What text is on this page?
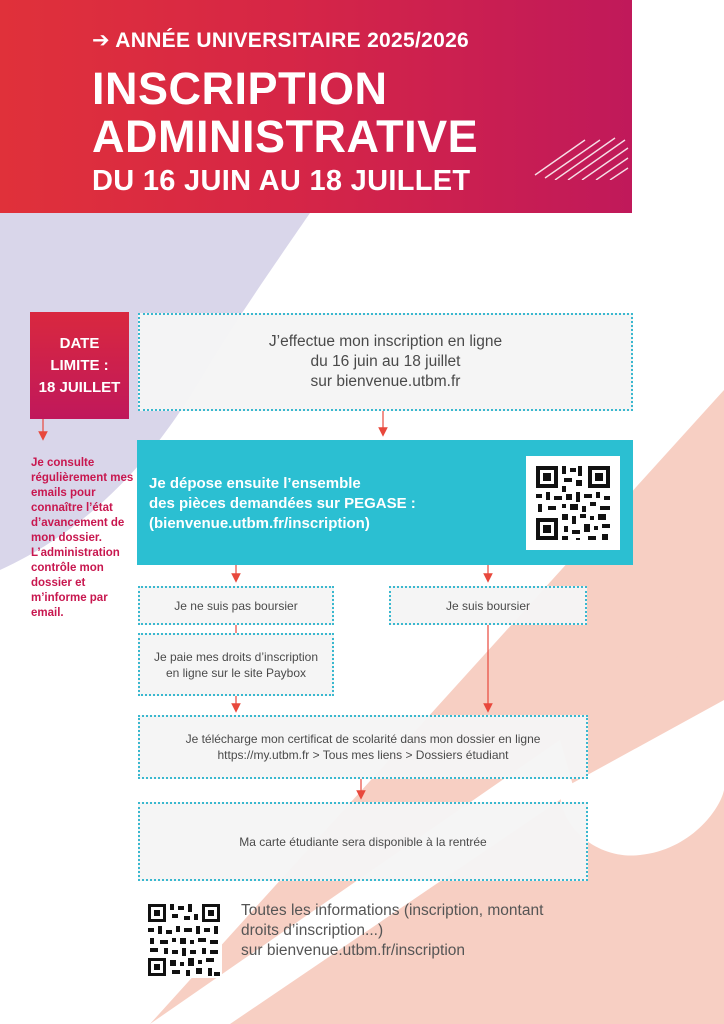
➔ ANNÉE UNIVERSITAIRE 2025/2026
INSCRIPTION
ADMINISTRATIVE
DU 16 JUIN AU 18 JUILLET
DATE
LIMITE :
18 JUILLET
Je consulte régulièrement mes emails pour connaître l’état d’avancement de mon dossier. L’administration contrôle mon dossier et m’informe par email.
J’effectue mon inscription en ligne
du 16 juin au 18 juillet
sur bienvenue.utbm.fr
Je dépose ensuite l’ensemble
des pièces demandées sur PEGASE :
(bienvenue.utbm.fr/inscription)
Je ne suis pas boursier	Je suis boursier
Je paie mes droits d’inscription
en ligne sur le site Paybox
Je télécharge mon certificat de scolarité dans mon dossier en ligne
https://my.utbm.fr > Tous mes liens > Dossiers étudiant
Ma carte étudiante sera disponible à la rentrée
Toutes les informations (inscription, montant
droits d’inscription...)
sur bienvenue.utbm.fr/inscription
